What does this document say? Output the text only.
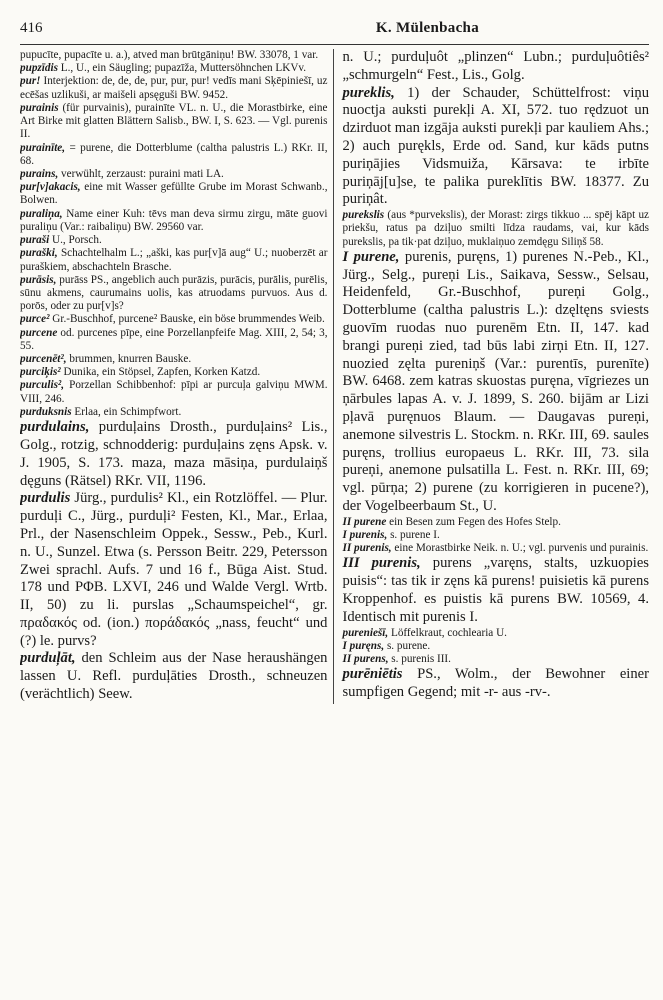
416	K. Mülenbacha

pupucīte, pupacīte u. a.), atved man brūtgāniņu! BW. 33078, 1 var.

pupzīdis L., U., ein Säugling; pupazīža, Muttersöhnchen LKVv.

pur! Interjektion: de, de, de, pur, pur, pur! vedīs mani Sķēpiniešī, uz ecēšas uzlikuši, ar maišeli apsęguši BW. 9452.

purainis (für purvainis), purainīte VL. n. U., die Morastbirke, eine Art Birke mit glatten Blättern Salisb., BW. I, S. 623. — Vgl. purenis II.

purainīte, = purene, die Dotterblume (caltha palustris L.) RKr. II, 68.

purains, verwühlt, zerzaust: puraini mati LA.

pur[v]akacis, eine mit Wasser gefüllte Grube im Morast Schwanb., Bolwen.

puraliņa, Name einer Kuh: tēvs man deva sirmu zirgu, māte guovi puraliņu (Var.: raibaliņu) BW. 29560 var.

puraši U., Porsch.

puraški, Schachtelhalm L.; „aški, kas pur[v]ā aug“ U.; nuoberzēt ar puraškiem, abschachteln Brasche.

purāsis, purāss PS., angeblich auch purāzis, purācis, purālis, purēlis, sūnu akmens, caurumains uolis, kas atruodams purvuos. Aus d. porōs, oder zu pur[v]s?

purce² Gr.-Buschhof, purcene² Bauske, ein böse brummendes Weib.

purcene od. purcenes pīpe, eine Porzellanpfeife Mag. XIII, 2, 54; 3, 55.

purcenēt², brummen, knurren Bauske.

purciķis² Dunika, ein Stöpsel, Zapfen, Korken Katzd.

purculis², Porzellan Schibbenhof: pīpi ar purcuļa galviņu MWM. VIII, 246.

purduksnis Erlaa, ein Schimpfwort.

purdulains, purduļains Drosth., purduļains² Lis., Golg., rotzig, schnodderig: purduļains zęns Apsk. v. J. 1905, S. 173. maza, maza māsiņa, purdulaiņš dęguns (Rätsel) RKr. VII, 1196.

purdulis Jürg., purdulis² Kl., ein Rotzlöffel. — Plur. purduļi C., Jürg., purduļi² Festen, Kl., Mar., Erlaa, Prl., der Nasenschleim Oppek., Sessw., Peb., Kurl. n. U., Sunzel. Etwa (s. Persson Beitr. 229, Petersson Zwei sprachl. Aufs. 7 und 16 f., Būga Aist. Stud. 178 und PΦB. LXVI, 246 und Walde Vergl. Wrtb. II, 50) zu li. purslas „Schaumspeichel“, gr. πραδακός od. (ion.) ποράδακός „nass, feucht“ und (?) le. purvs?

purduļāt, den Schleim aus der Nase heraushängen lassen U. Refl. purduļāties Drosth., schneuzen (verächtlich) Seew.

n. U.; purduļuôt „plinzen“ Lubn.; purduļuôtiês² „schmurgeln“ Fest., Lis., Golg.

pureklis, 1) der Schauder, Schüttelfrost: viņu nuoctja auksti purekļi A. XI, 572. tuo rędzuot un dzirduot man izgāja auksti purekļi par kauliem Ahs.; 2) auch purękls, Erde od. Sand, kur kāds putns puriņājies Vidsmuiža, Kārsava: te irbīte puriņāj[u]se, te palika pureklītis BW. 18377. Zu puriņât.

purekslis (aus *purvekslis), der Morast: zirgs tikkuo ... spēj kāpt uz priekšu, ratus pa dziļuo smilti līdza raudams, vai, kur kāds purekslis, pa tik·pat dziļuo, muklaiņuo zemdęgu Siliņš 58.

I purene, purenis, puręns, 1) purenes N.-Peb., Kl., Jürg., Selg., pureņi Lis., Saikava, Sessw., Selsau, Heidenfeld, Gr.-Buschhof, pureņi Golg., Dotterblume (caltha palustris L.): dzęltęns sviests guovīm ruodas nuo purenēm Etn. II, 147. kad brangi pureņi zied, tad būs labi zirņi Etn. II, 127. nuozied zęlta pureniņš (Var.: purentīs, purenīte) BW. 6468. zem katras skuostas puręna, vīgriezes un ņārbules lapas A. v. J. 1899, S. 260. bijām ar Lizi pļavā puręnuos Blaum. — Daugavas pureņi, anemone silvestris L. Stockm. n. RKr. III, 69. saules puręns, trollius europaeus L. RKr. III, 73. sila pureņi, anemone pulsatilla L. Fest. n. RKr. III, 69; vgl. pūrņa; 2) purene (zu korrigieren in pucene?), der Vogelbeerbaum St., U.

II purene ein Besen zum Fegen des Hofes Stelp.

I purenis, s. purene I.

II purenis, eine Morastbirke Neik. n. U.; vgl. purvenis und purainis.

III purenis, purens „varęns, stalts, uzkuopies puisis“: tas tik ir zęns kā purens! puisietis kā purens Kroppenhof. es puistis kā purens BW. 10569, 4. Identisch mit purenis I.

pureniešī, Löffelkraut, cochlearia U.

I puręns, s. purene.

II purens, s. purenis III.

purēniētis PS., Wolm., der Bewohner einer sumpfigen Gegend; mit -r- aus -rv-.
